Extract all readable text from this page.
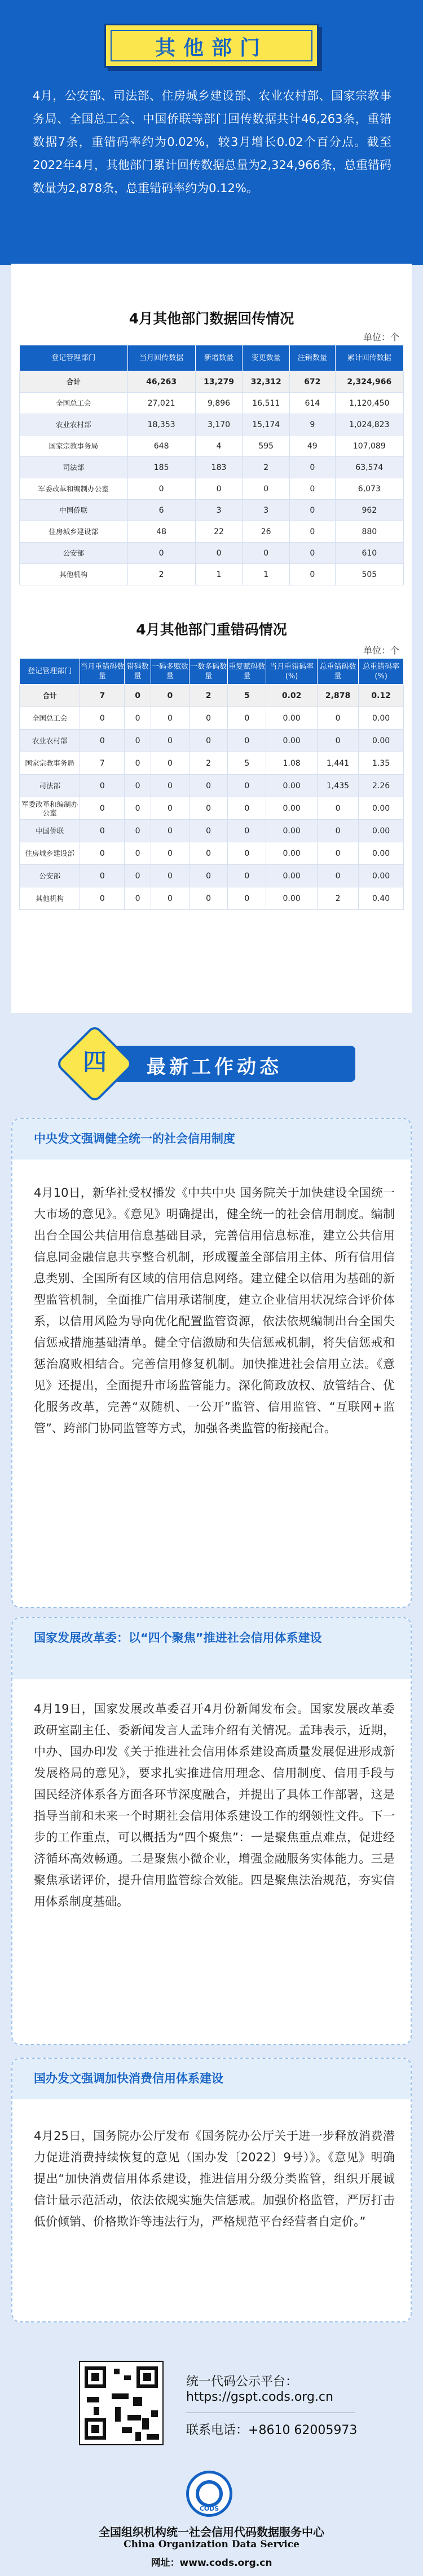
其他部门
4月，公安部、司法部、住房城乡建设部、农业农村部、国家宗教事务局、全国总工会、中国侨联等部门回传数据共计46,263条，重错数据7条，重错码率约为0.02%，较3月增长0.02个百分点。截至2022年4月，其他部门累计回传数据总量为2,324,966条，总重错码数量为2,878条，总重错码率约为0.12%。
4月其他部门数据回传情况
单位：个
登记管理部门	当月回传数据	新增数量	变更数量	注销数量	累计回传数据
合计	46,263	13,279	32,312	672	2,324,966
全国总工会	27,021	9,896	16,511	614	1,120,450
农业农村部	18,353	3,170	15,174	9	1,024,823
国家宗教事务局	648	4	595	49	107,089
司法部	185	183	2	0	63,574
军委改革和编制办公室	0	0	0	0	6,073
中国侨联	6	3	3	0	962
住房城乡建设部	48	22	26	0	880
公安部	0	0	0	0	610
其他机构	2	1	1	0	505
4月其他部门重错码情况
单位：个
登记管理部门	当月重错码数量	错码数量	一码多赋数量	一数多码数量	重复赋码数量	当月重错码率(%)	总重错码数量	总重错码率(%)
合计	7	0	0	2	5	0.02	2,878	0.12
全国总工会	0	0	0	0	0	0.00	0	0.00
农业农村部	0	0	0	0	0	0.00	0	0.00
国家宗教事务局	7	0	0	2	5	1.08	1,441	1.35
司法部	0	0	0	0	0	0.00	1,435	2.26
军委改革和编制办公室	0	0	0	0	0	0.00	0	0.00
中国侨联	0	0	0	0	0	0.00	0	0.00
住房城乡建设部	0	0	0	0	0	0.00	0	0.00
公安部	0	0	0	0	0	0.00	0	0.00
其他机构	0	0	0	0	0	0.00	2	0.40
最新工作动态
四
中央发文强调健全统一的社会信用制度

4月10日，新华社受权播发《中共中央 国务院关于加快建设全国统一大市场的意见》。《意见》明确提出，健全统一的社会信用制度。编制出台全国公共信用信息基础目录，完善信用信息标准，建立公共信用信息同金融信息共享整合机制，形成覆盖全部信用主体、所有信用信息类别、全国所有区域的信用信息网络。建立健全以信用为基础的新型监管机制，全面推广信用承诺制度，建立企业信用状况综合评价体系，以信用风险为导向优化配置监管资源，依法依规编制出台全国失信惩戒措施基础清单。健全守信激励和失信惩戒机制，将失信惩戒和惩治腐败相结合。完善信用修复机制。加快推进社会信用立法。《意见》还提出，全面提升市场监管能力。深化简政放权、放管结合、优化服务改革，完善“双随机、一公开”监管、信用监管、“互联网+监管”、跨部门协同监管等方式，加强各类监管的衔接配合。

国家发展改革委：以“四个聚焦”推进社会信用体系建设

4月19日，国家发展改革委召开4月份新闻发布会。国家发展改革委政研室副主任、委新闻发言人孟玮介绍有关情况。孟玮表示，近期，中办、国办印发《关于推进社会信用体系建设高质量发展促进形成新发展格局的意见》，要求扎实推进信用理念、信用制度、信用手段与国民经济体系各方面各环节深度融合，并提出了具体工作部署，这是指导当前和未来一个时期社会信用体系建设工作的纲领性文件。下一步的工作重点，可以概括为“四个聚焦”：一是聚焦重点难点，促进经济循环高效畅通。二是聚焦小微企业，增强金融服务实体能力。三是聚焦承诺评价，提升信用监管综合效能。四是聚焦法治规范，夯实信用体系制度基础。

国办发文强调加快消费信用体系建设

4月25日，国务院办公厅发布《国务院办公厅关于进一步释放消费潜力促进消费持续恢复的意见（国办发〔2022〕9号）》。《意见》明确提出“加快消费信用体系建设，推进信用分级分类监管，组织开展诚信计量示范活动，依法依规实施失信惩戒。加强价格监管，严厉打击低价倾销、价格欺诈等违法行为，严格规范平台经营者自定价。”

统一代码公示平台：
https://gspt.cods.org.cn
联系电话：+8610 62005973
CODS
全国组织机构统一社会信用代码数据服务中心
China Organization Data Service
网址：www.cods.org.cn
